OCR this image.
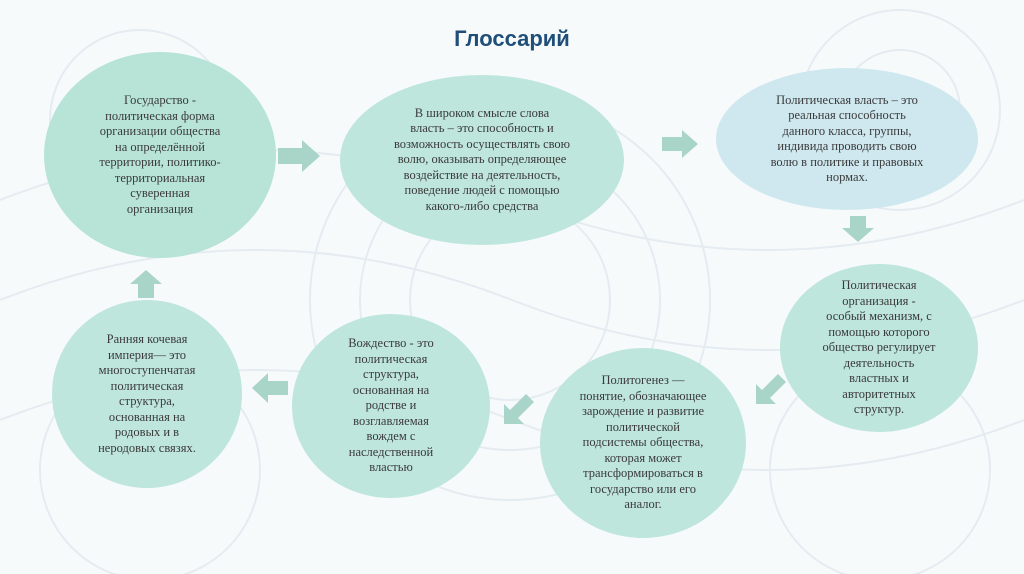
Глоссарий
Государство -
политическая форма
организации общества
на определённой
территории, политико-
территориальная
суверенная
организация
В широком смысле слова
власть – это способность и
возможность осуществлять свою
волю, оказывать определяющее
воздействие на деятельность,
поведение людей с помощью
какого-либо средства
Политическая власть – это
реальная способность
данного класса, группы,
индивида проводить свою
волю в политике и правовых
нормах.
Политическая
организация -
особый механизм, с
помощью которого
общество регулирует
деятельность
властных и
авторитетных
структур.
Политогенез —
понятие, обозначающее
зарождение и развитие
политической
подсистемы общества,
которая может
трансформироваться в
государство или его
аналог.
Вождество - это
политическая
структура,
основанная на
родстве и
возглавляемая
вождем с
наследственной
властью
Ранняя кочевая
империя— это
многоступенчатая
политическая
структура,
основанная на
родовых и в
неродовых связях.
